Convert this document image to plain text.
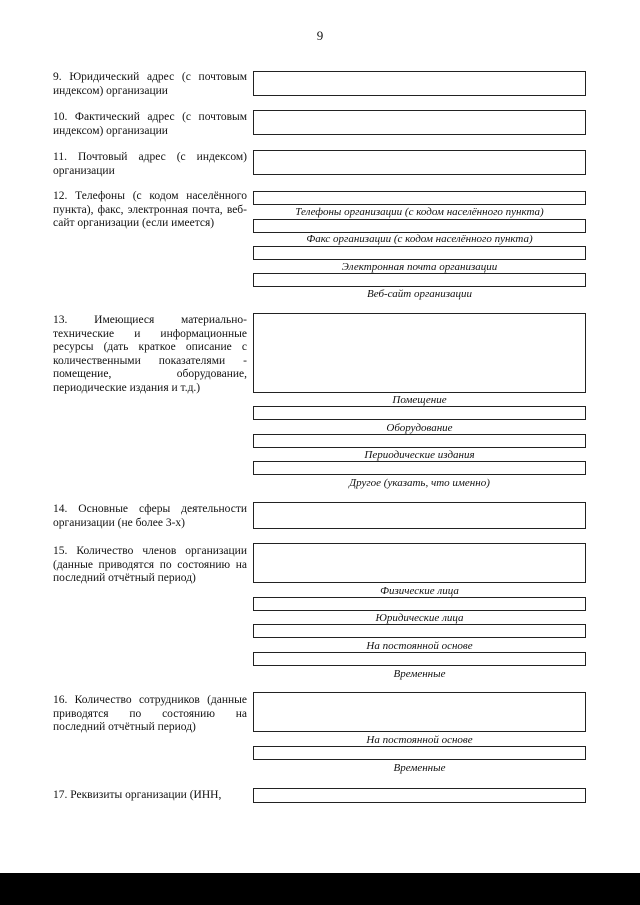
9
9. Юридический адрес (с почтовым индексом) организации
10. Фактический адрес (с почтовым индексом) организации
11. Почтовый адрес (с индексом) организации
12. Телефоны (с кодом населённого пункта), факс, электронная почта, веб-сайт организации (если имеется)
Телефоны организации (с кодом населённого пункта)
Факс организации (с кодом населённого пункта)
Электронная почта организации
Веб-сайт организации
13. Имеющиеся материально-технические и информационные ресурсы (дать краткое описание с количественными показателями - помещение, оборудование, периодические издания и т.д.)
Помещение
Оборудование
Периодические издания
Другое (указать, что именно)
14. Основные сферы деятельности организации (не более 3-х)
15. Количество членов организации (данные приводятся по состоянию на последний отчётный период)
Физические лица
Юридические лица
На постоянной основе
Временные
16. Количество сотрудников (данные приводятся по состоянию на последний отчётный период)
На постоянной основе
Временные
17. Реквизиты организации (ИНН,
